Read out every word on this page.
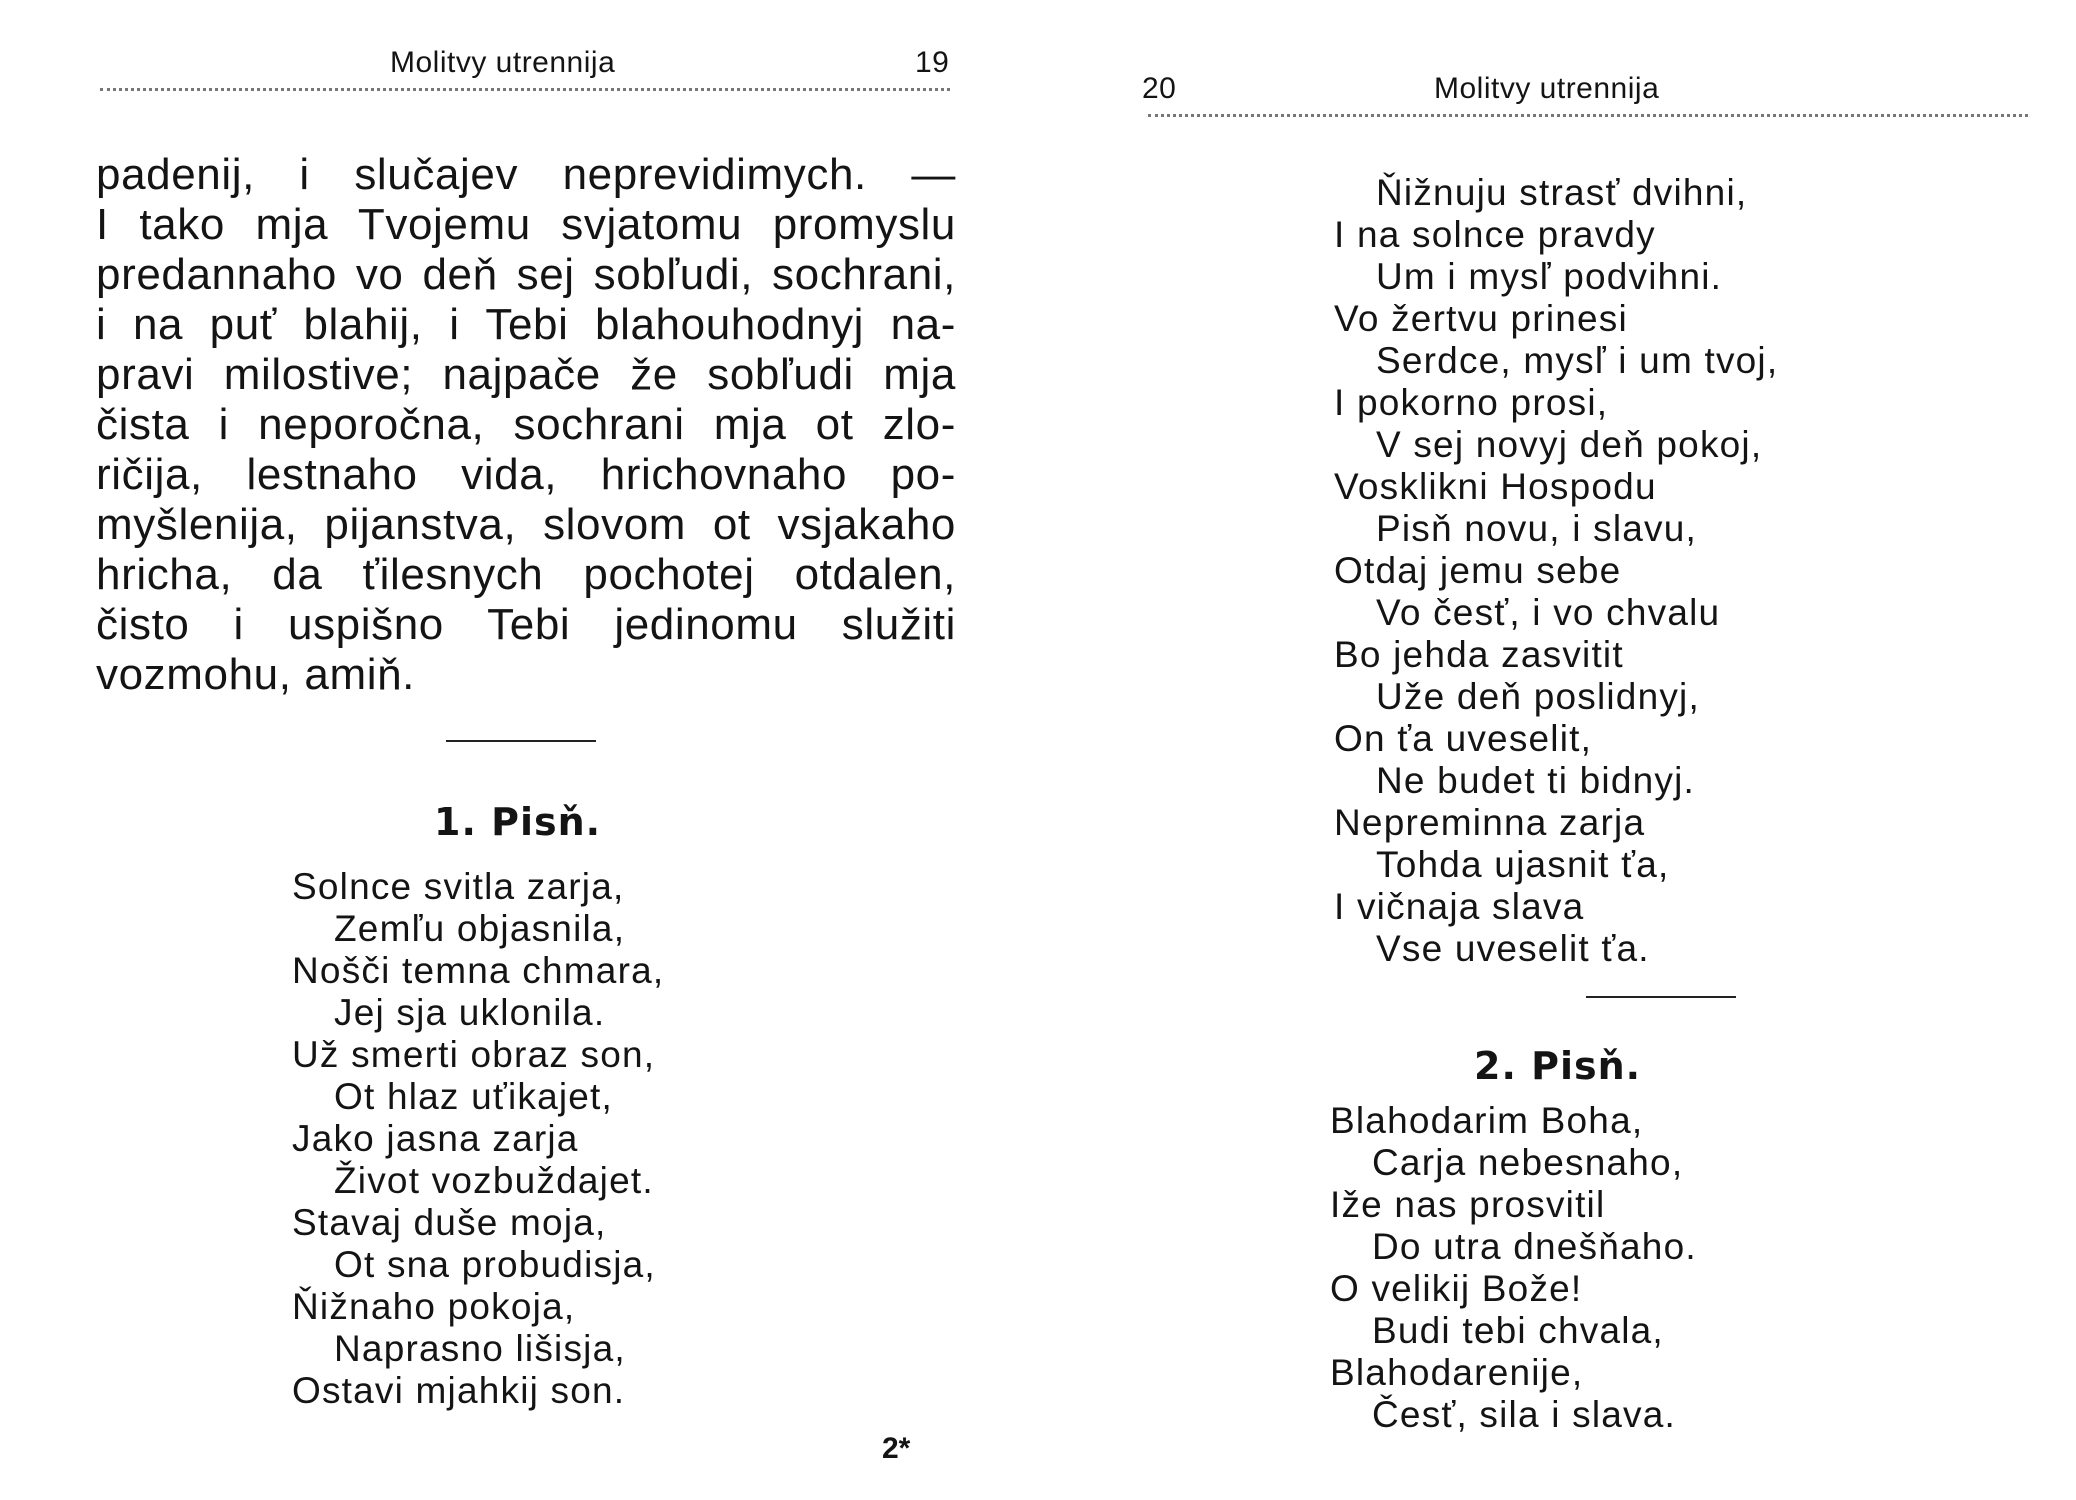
Molitvy utrennija	19
padenij, i slučajev neprevidimych. —
I tako mja Tvojemu svjatomu promyslu
predannaho vo deň sej sobľudi, sochrani,
i na puť blahij, i Tebi blahouhodnyj na-
pravi milostive; najpače že sobľudi mja
čista i neporočna, sochrani mja ot zlo-
ričija, lestnaho vida, hrichovnaho po-
myšlenija, pijanstva, slovom ot vsjakaho
hricha, da ťilesnych pochotej otdalen,
čisto i uspišno Tebi jedinomu služiti
vozmohu, amiň.
1. Pisň.
Solnce svitla zarja,
Zemľu objasnila,
Nošči temna chmara,
Jej sja uklonila.
Už smerti obraz son,
Ot hlaz uťikajet,
Jako jasna zarja
Život vozbuždajet.
Stavaj duše moja,
Ot sna probudisja,
Ňižnaho pokoja,
Naprasno lišisja,
Ostavi mjahkij son.
2*
20	Molitvy utrennija
Ňižnuju strasť dvihni,
I na solnce pravdy
Um i mysľ podvihni.
Vo žertvu prinesi
Serdce, mysľ i um tvoj,
I pokorno prosi,
V sej novyj deň pokoj,
Vosklikni Hospodu
Pisň novu, i slavu,
Otdaj jemu sebe
Vo česť, i vo chvalu
Bo jehda zasvitit
Uže deň poslidnyj,
On ťa uveselit,
Ne budet ti bidnyj.
Nepreminna zarja
Tohda ujasnit ťa,
I vičnaja slava
Vse uveselit ťa.
2. Pisň.
Blahodarim Boha,
Carja nebesnaho,
Iže nas prosvitil
Do utra dnešňaho.
O velikij Bože!
Budi tebi chvala,
Blahodarenije,
Česť, sila i slava.
